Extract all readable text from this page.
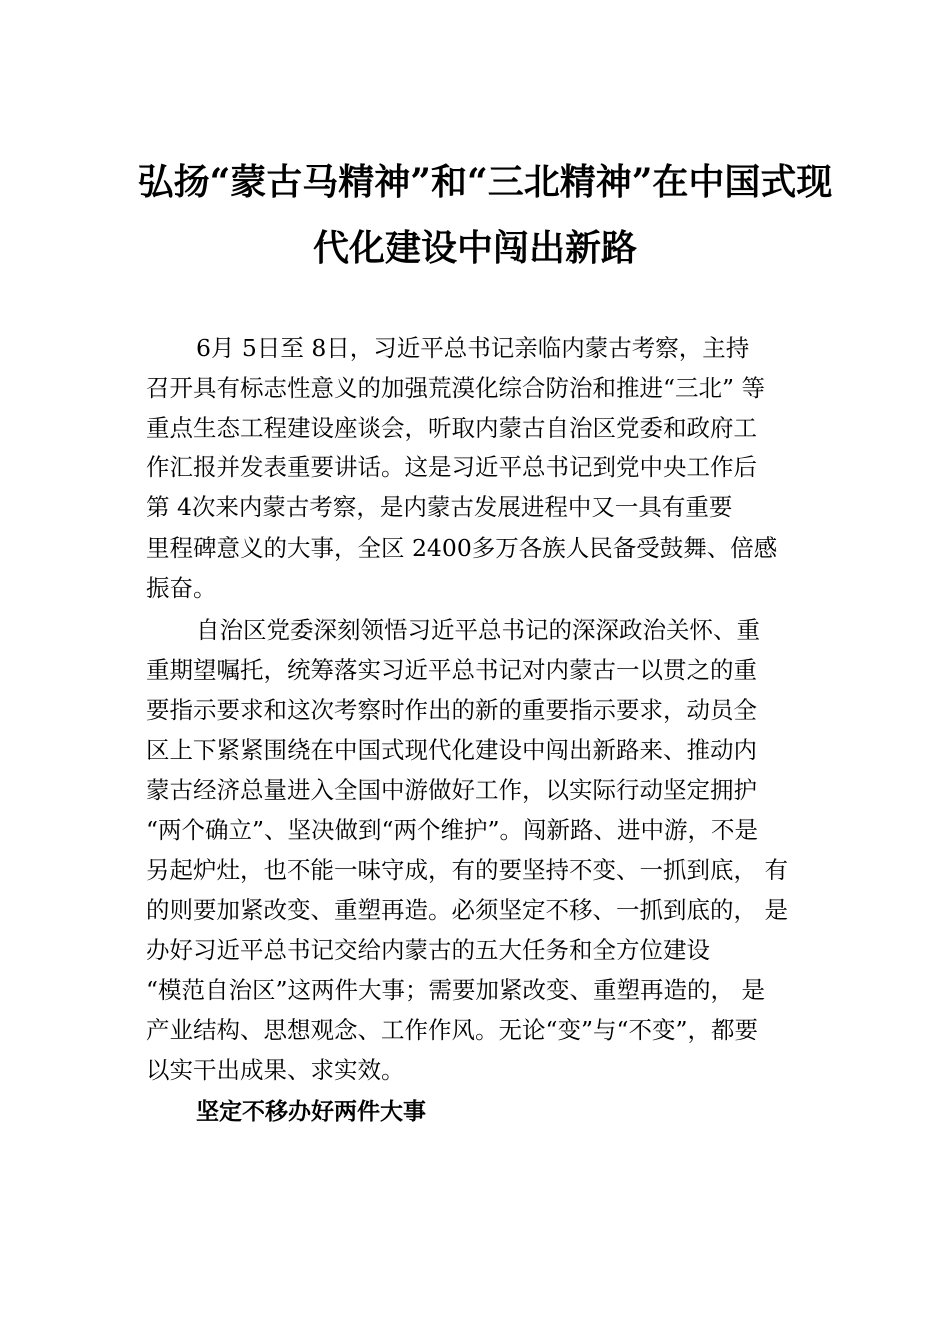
弘扬“蒙古马精神”和“三北精神”在中国式现
代化建设中闯出新路
6月 5日至 8日，习近平总书记亲临内蒙古考察，主持
召开具有标志性意义的加强荒漠化综合防治和推进“三北” 等
重点生态工程建设座谈会，听取内蒙古自治区党委和政府工
作汇报并发表重要讲话。这是习近平总书记到党中央工作后
第 4次来内蒙古考察，是内蒙古发展进程中又一具有重要
里程碑意义的大事，全区 2400多万各族人民备受鼓舞、倍感
振奋。
自治区党委深刻领悟习近平总书记的深深政治关怀、重
重期望嘱托，统筹落实习近平总书记对内蒙古一以贯之的重
要指示要求和这次考察时作出的新的重要指示要求，动员全
区上下紧紧围绕在中国式现代化建设中闯出新路来、推动内
蒙古经济总量进入全国中游做好工作，以实际行动坚定拥护
“两个确立”、坚决做到“两个维护”。闯新路、进中游，不是
另起炉灶，也不能一味守成，有的要坚持不变、一抓到底， 有
的则要加紧改变、重塑再造。必须坚定不移、一抓到底的， 是
办好习近平总书记交给内蒙古的五大任务和全方位建设
“模范自治区”这两件大事；需要加紧改变、重塑再造的， 是
产业结构、思想观念、工作作风。无论“变”与“不变”，都要
以实干出成果、求实效。
坚定不移办好两件大事
